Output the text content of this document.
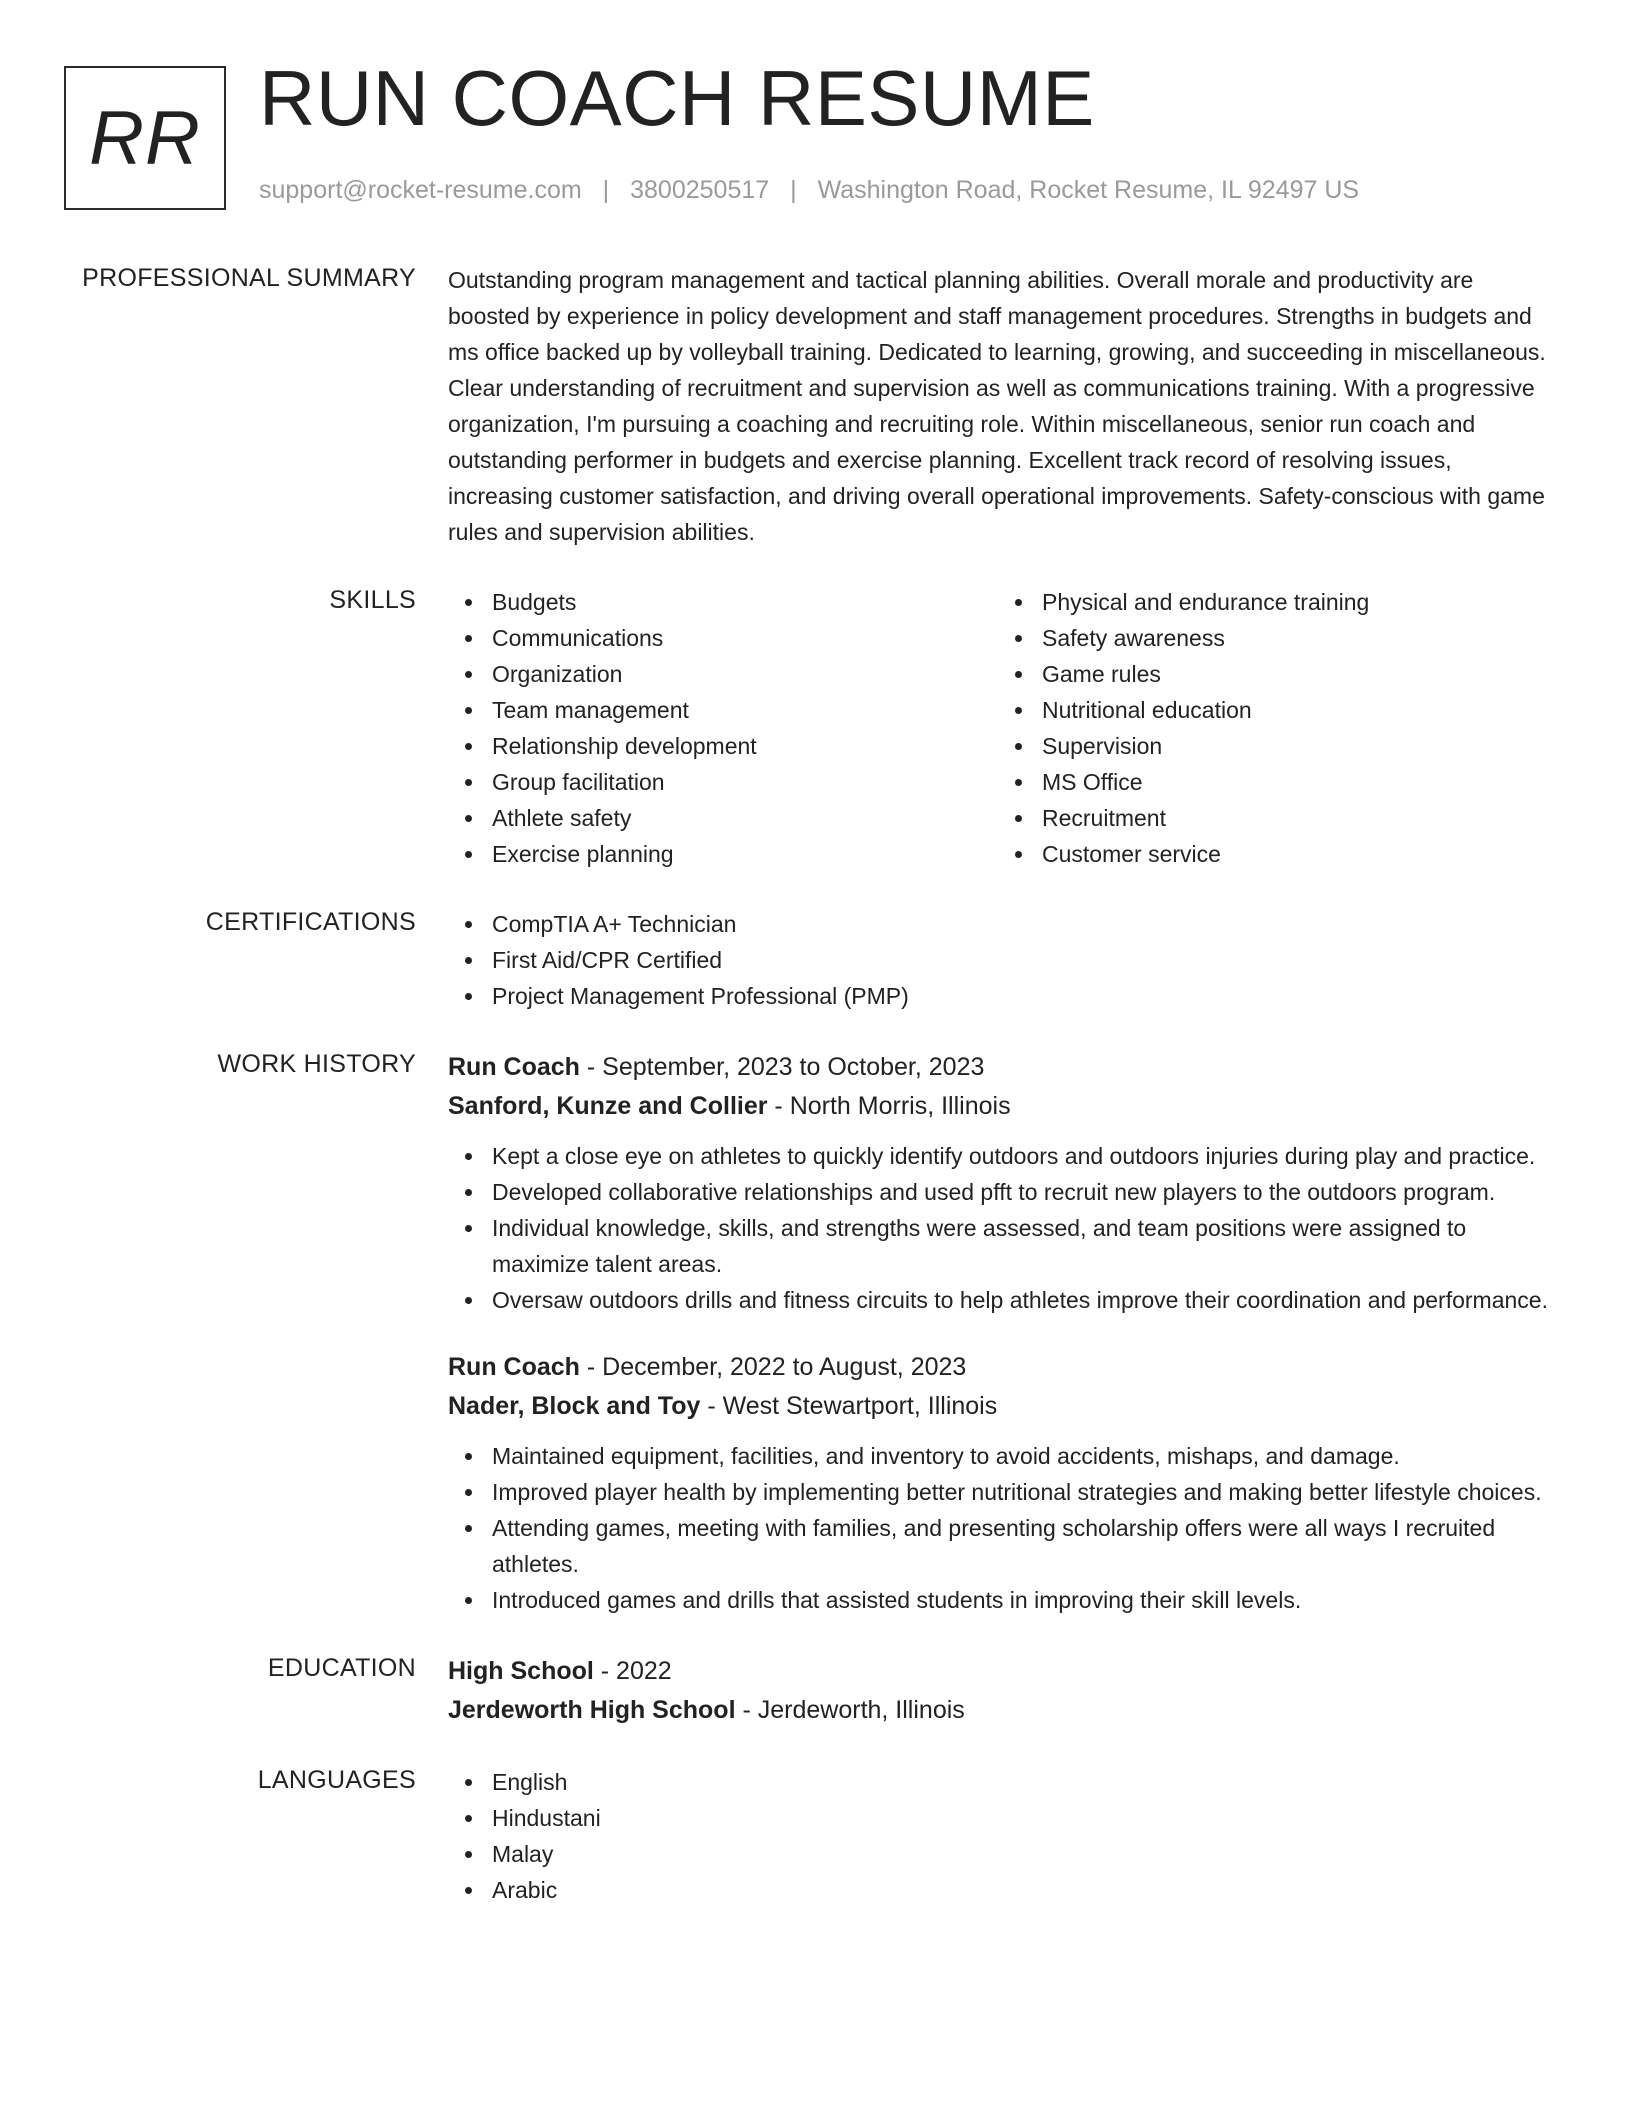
RR RUN COACH RESUME
support@rocket-resume.com | 3800250517 | Washington Road, Rocket Resume, IL 92497 US
PROFESSIONAL SUMMARY Outstanding program management and tactical planning abilities. Overall morale and productivity are boosted by experience in policy development and staff management procedures. Strengths in budgets and ms office backed up by volleyball training. Dedicated to learning, growing, and succeeding in miscellaneous. Clear understanding of recruitment and supervision as well as communications training. With a progressive organization, I'm pursuing a coaching and recruiting role. Within miscellaneous, senior run coach and outstanding performer in budgets and exercise planning. Excellent track record of resolving issues, increasing customer satisfaction, and driving overall operational improvements. Safety-conscious with game rules and supervision abilities.

SKILLS	Budgets
Communications
Organization
Team management
Relationship development
Group facilitation
Athlete safety
Exercise planning
Physical and endurance training
Safety awareness
Game rules
Nutritional education
Supervision
MS Office
Recruitment
Customer service
CERTIFICATIONS	CompTIA A+ Technician
First Aid/CPR Certified
Project Management Professional (PMP)
WORK HISTORY Run Coach - September, 2023 to October, 2023
Sanford, Kunze and Collier - North Morris, Illinois
Kept a close eye on athletes to quickly identify outdoors and outdoors injuries during play and practice.
Developed collaborative relationships and used pfft to recruit new players to the outdoors program.
Individual knowledge, skills, and strengths were assessed, and team positions were assigned to maximize talent areas.
Oversaw outdoors drills and fitness circuits to help athletes improve their coordination and performance.
Run Coach - December, 2022 to August, 2023
Nader, Block and Toy - West Stewartport, Illinois
Maintained equipment, facilities, and inventory to avoid accidents, mishaps, and damage.
Improved player health by implementing better nutritional strategies and making better lifestyle choices.
Attending games, meeting with families, and presenting scholarship offers were all ways I recruited athletes.
Introduced games and drills that assisted students in improving their skill levels.
EDUCATION High School - 2022
Jerdeworth High School - Jerdeworth, Illinois
LANGUAGES	English
Hindustani
Malay
Arabic
